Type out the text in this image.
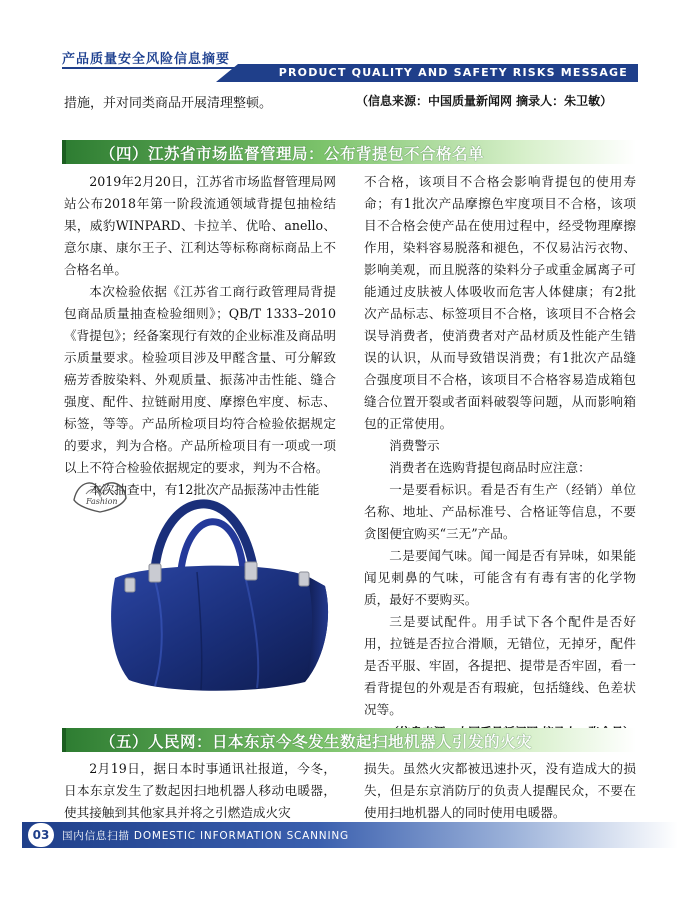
产品质量安全风险信息摘要
PRODUCT QUALITY AND SAFETY RISKS MESSAGE DIGEST
措施，并对同类商品开展清理整顿。	（信息来源：中国质量新闻网 摘录人：朱卫敏）
（四）江苏省市场监督管理局：公布背提包不合格名单

2019年2月20日，江苏省市场监督管理局网站公布2018年第一阶段流通领域背提包抽检结果，威豹WINPARD、卡拉羊、优哈、anello、意尔康、康尔王子、江利达等标称商标商品上不合格名单。

本次检验依据《江苏省工商行政管理局背提包商品质量抽查检验细则》；QB/T 1333–2010《背提包》；经备案现行有效的企业标准及商品明示质量要求。检验项目涉及甲醛含量、可分解致癌芳香胺染料、外观质量、振荡冲击性能、缝合强度、配件、拉链耐用度、摩擦色牢度、标志、标签，等等。产品所检项目均符合检验依据规定的要求，判为合格。产品所检项目有一项或一项以上不符合检验依据规定的要求，判为不合格。

本次抽查中，有12批次产品振荡冲击性能

Fashion

不合格，该项目不合格会影响背提包的使用寿命；有1批次产品摩擦色牢度项目不合格，该项目不合格会使产品在使用过程中，经受物理摩擦作用，染料容易脱落和褪色，不仅易沾污衣物、影响美观，而且脱落的染料分子或重金属离子可能通过皮肤被人体吸收而危害人体健康；有2批次产品标志、标签项目不合格，该项目不合格会误导消费者，使消费者对产品材质及性能产生错误的认识，从而导致错误消费；有1批次产品缝合强度项目不合格，该项目不合格容易造成箱包缝合位置开裂或者面料破裂等问题，从而影响箱包的正常使用。

消费警示

消费者在选购背提包商品时应注意：

一是要看标识。看是否有生产（经销）单位名称、地址、产品标准号、合格证等信息，不要贪图便宜购买“三无”产品。

二是要闻气味。闻一闻是否有异味，如果能闻见刺鼻的气味，可能含有有毒有害的化学物质，最好不要购买。

三是要试配件。用手试下各个配件是否好用，拉链是否拉合滑顺，无错位，无掉牙，配件是否平服、牢固，各提把、提带是否牢固，看一看背提包的外观是否有瑕疵，包括缝线、色差状况等。

（五）人民网：日本东京今冬发生数起扫地机器人引发的火灾

2月19日，据日本时事通讯社报道，今冬，日本东京发生了数起因扫地机器人移动电暖器，使其接触到其他家具并将之引燃造成火灾

损失。虽然火灾都被迅速扑灭，没有造成大的损失，但是东京消防厅的负责人提醒民众，不要在使用扫地机器人的同时使用电暖器。

03	国内信息扫描 DOMESTIC INFORMATION SCANNING
